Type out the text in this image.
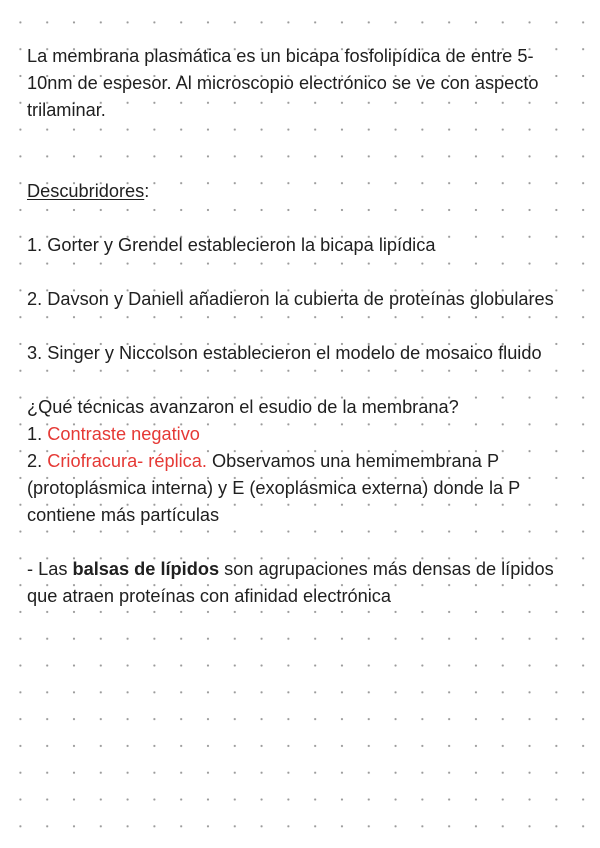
La membrana plasmática es un bicapa fosfolipídica de entre 5-10nm de espesor. Al microscopio electrónico se ve con aspecto trilaminar.

Descubridores:

1. Gorter y Grendel establecieron la bicapa lipídica

2. Davson y Daniell añadieron la cubierta de proteínas globulares

3. Singer y Niccolson establecieron el modelo de mosaico fluido

¿Qué técnicas avanzaron el esudio de la membrana?

1. Contraste negativo

2. Criofracura- réplica. Observamos una hemimembrana P (protoplásmica interna) y E (exoplásmica externa) donde la P contiene más partículas

- Las balsas de lípidos son agrupaciones más densas de lípidos que atraen proteínas con afinidad electrónica
